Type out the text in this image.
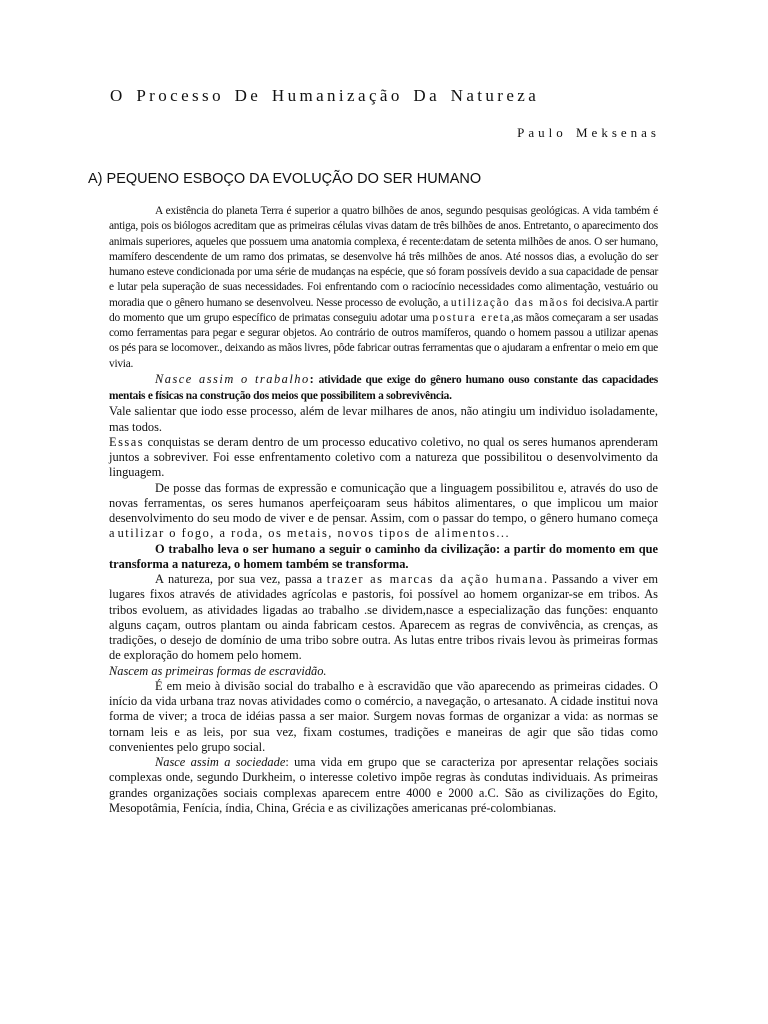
O Processo De Humanização Da Natureza
Paulo Meksenas
A) PEQUENO ESBOÇO DA EVOLUÇÃO DO SER HUMANO

A existência do planeta Terra é superior a quatro bilhões de anos, segundo pesquisas geológicas. A vida também é antiga, pois os biólogos acreditam que as primeiras células vivas datam de três bilhões de anos. Entretanto, o aparecimento dos animais superiores, aqueles que possuem uma anatomia complexa, é recente:datam de setenta milhões de anos. O ser humano, mamífero descendente de um ramo dos primatas, se desenvolve há três milhões de anos. Até nossos dias, a evolução do ser humano esteve condicionada por uma série de mudanças na espécie, que só foram possíveis devido a sua capacidade de pensar e lutar pela superação de suas necessidades. Foi enfrentando com o raciocínio necessidades como alimentação, vestuário ou moradia que o gênero humano se desenvolveu. Nesse processo de evolução, a utilização das mãos foi decisiva.A partir do momento que um grupo específico de primatas conseguiu adotar uma postura ereta,as mãos começaram a ser usadas como ferramentas para pegar e segurar objetos. Ao contrário de outros mamíferos, quando o homem passou a utilizar apenas os pés para se locomover., deixando as mãos livres, pôde fabricar outras ferramentas que o ajudaram a enfrentar o meio em que vivia.

Nasce assim o trabalho: atividade que exige do gênero humano ouso constante das capacidades mentais e físicas na construção dos meios que possibilitem a sobrevivência.

Vale salientar que iodo esse processo, além de levar milhares de anos, não atingiu um individuo isoladamente, mas todos.

Essas conquistas se deram dentro de um processo educativo coletivo, no qual os seres humanos aprenderam juntos a sobreviver. Foi esse enfrentamento coletivo com a natureza que possibilitou o desenvolvimento da linguagem.

De posse das formas de expressão e comunicação que a linguagem possibilitou e, através do uso de novas ferramentas, os seres humanos aperfeiçoaram seus hábitos alimentares, o que implicou um maior desenvolvimento do seu modo de viver e de pensar. Assim, com o passar do tempo, o gênero humano começa a utilizar o fogo, a roda, os metais, novos tipos de alimentos...

O trabalho leva o ser humano a seguir o caminho da civilização: a partir do momento em que transforma a natureza, o homem também se transforma.

A natureza, por sua vez, passa a trazer as marcas da ação humana. Passando a viver em lugares fixos através de atividades agrícolas e pastoris, foi possível ao homem organizar-se em tribos. As tribos evoluem, as atividades ligadas ao trabalho .se dividem,nasce a especialização das funções: enquanto alguns caçam, outros plantam ou ainda fabricam cestos. Aparecem as regras de convivência, as crenças, as tradições, o desejo de domínio de uma tribo sobre outra. As lutas entre tribos rivais levou às primeiras formas de exploração do homem pelo homem.

Nascem as primeiras formas de escravidão.

É em meio à divisão social do trabalho e à escravidão que vão aparecendo as primeiras cidades. O início da vida urbana traz novas atividades como o comércio, a navegação, o artesanato. A cidade institui nova forma de viver; a troca de idéias passa a ser maior. Surgem novas formas de organizar a vida: as normas se tornam leis e as leis, por sua vez, fixam costumes, tradições e maneiras de agir que são tidas como convenientes pelo grupo social.

Nasce assim a sociedade: uma vida em grupo que se caracteriza por apresentar relações sociais complexas onde, segundo Durkheim, o interesse coletivo impõe regras às condutas individuais. As primeiras grandes organizações sociais complexas aparecem entre 4000 e 2000 a.C. São as civilizações do Egito, Mesopotâmia, Fenícia, índia, China, Grécia e as civilizações americanas pré-colombianas.
